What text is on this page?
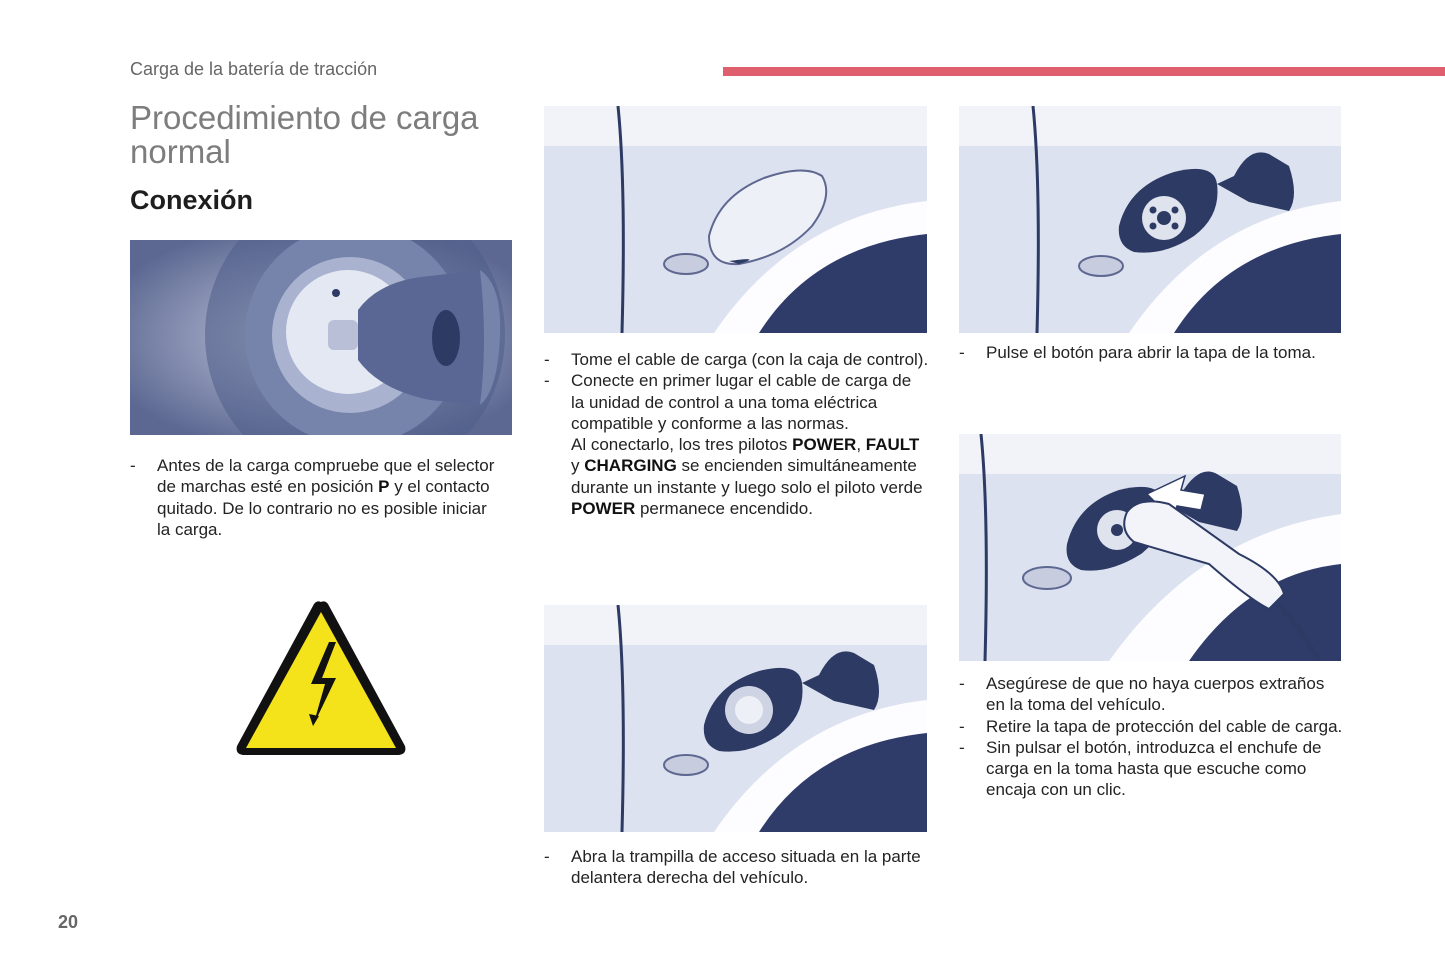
Carga de la batería de tracción
Procedimiento de carga
normal
Conexión
- Antes de la carga compruebe que el selector de marchas esté en posición P y el contacto quitado. De lo contrario no es posible iniciar la carga.
- Tome el cable de carga (con la caja de control).
- Conecte en primer lugar el cable de carga de la unidad de control a una toma eléctrica compatible y conforme a las normas.
Al conectarlo, los tres pilotos POWER, FAULT y CHARGING se encienden simultáneamente durante un instante y luego solo el piloto verde POWER permanece encendido.
- Abra la trampilla de acceso situada en la parte delantera derecha del vehículo.
- Pulse el botón para abrir la tapa de la toma.
- Asegúrese de que no haya cuerpos extraños en la toma del vehículo.
- Retire la tapa de protección del cable de carga.
- Sin pulsar el botón, introduzca el enchufe de carga en la toma hasta que escuche como encaja con un clic.
20
